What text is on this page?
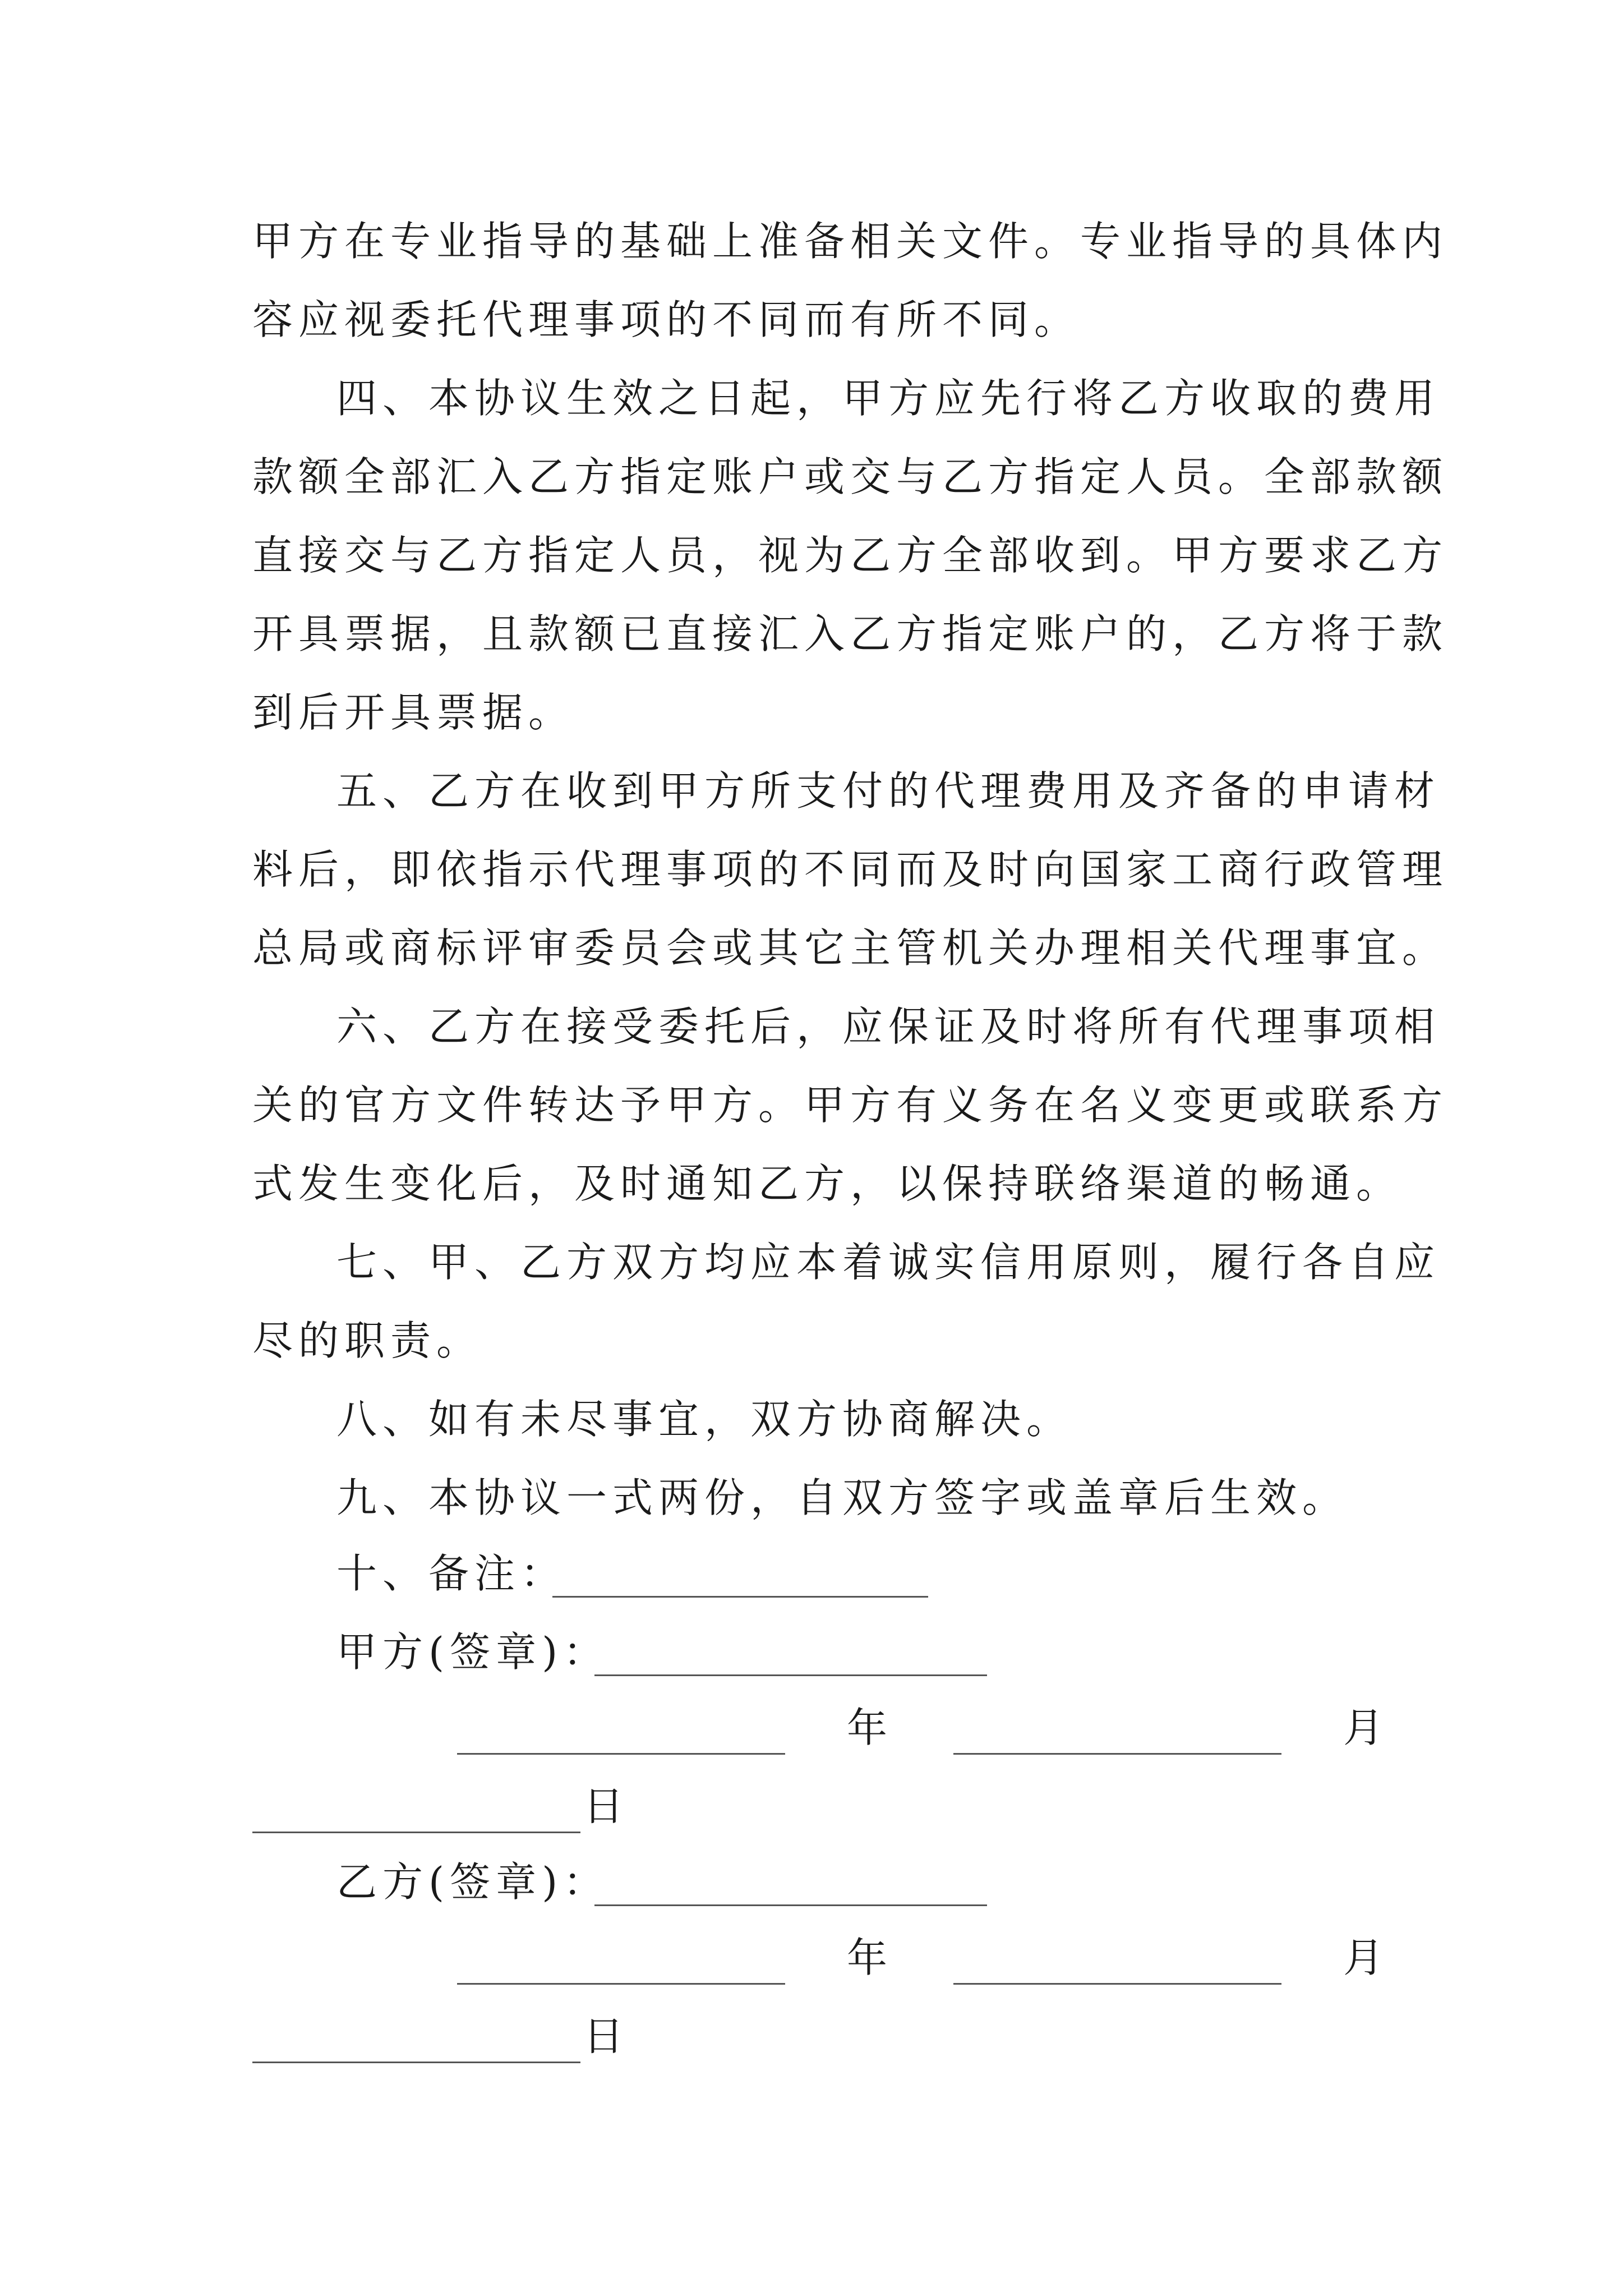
甲方在专业指导的基础上准备相关文件。专业指导的具体内
容应视委托代理事项的不同而有所不同。
四、本协议生效之日起，甲方应先行将乙方收取的费用
款额全部汇入乙方指定账户或交与乙方指定人员。全部款额
直接交与乙方指定人员，视为乙方全部收到。甲方要求乙方
开具票据，且款额已直接汇入乙方指定账户的，乙方将于款
到后开具票据。
五、乙方在收到甲方所支付的代理费用及齐备的申请材
料后，即依指示代理事项的不同而及时向国家工商行政管理
总局或商标评审委员会或其它主管机关办理相关代理事宜。
六、乙方在接受委托后，应保证及时将所有代理事项相
关的官方文件转达予甲方。甲方有义务在名义变更或联系方
式发生变化后，及时通知乙方，以保持联络渠道的畅通。
七、甲、乙方双方均应本着诚实信用原则，履行各自应
尽的职责。
八、如有未尽事宜，双方协商解决。
九、本协议一式两份，自双方签字或盖章后生效。
十、备注：
甲方(签章)：
年	月
日
乙方(签章)：
年	月
日
